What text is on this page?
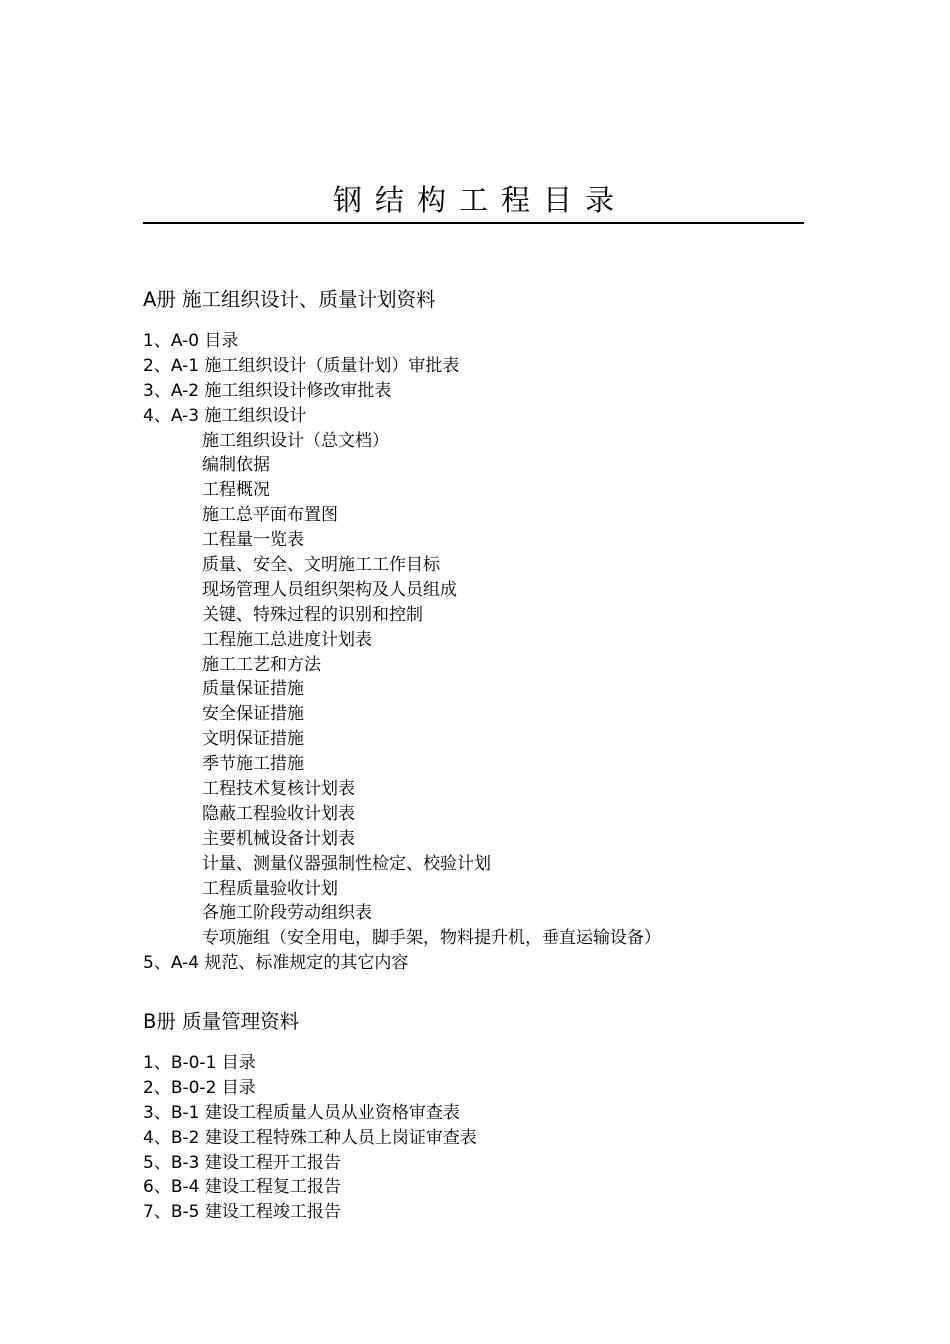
钢结构工程目录
A册 施工组织设计、质量计划资料
1、A-0 目录
2、A-1 施工组织设计（质量计划）审批表
3、A-2 施工组织设计修改审批表
4、A-3 施工组织设计
施工组织设计（总文档）
编制依据
工程概况
施工总平面布置图
工程量一览表
质量、安全、文明施工工作目标
现场管理人员组织架构及人员组成
关键、特殊过程的识别和控制
工程施工总进度计划表
施工工艺和方法
质量保证措施
安全保证措施
文明保证措施
季节施工措施
工程技术复核计划表
隐蔽工程验收计划表
主要机械设备计划表
计量、测量仪器强制性检定、校验计划
工程质量验收计划
各施工阶段劳动组织表
专项施组（安全用电，脚手架，物料提升机，垂直运输设备）
5、A-4 规范、标准规定的其它内容
B册 质量管理资料
1、B-0-1 目录
2、B-0-2 目录
3、B-1 建设工程质量人员从业资格审查表
4、B-2 建设工程特殊工种人员上岗证审查表
5、B-3 建设工程开工报告
6、B-4 建设工程复工报告
7、B-5 建设工程竣工报告
